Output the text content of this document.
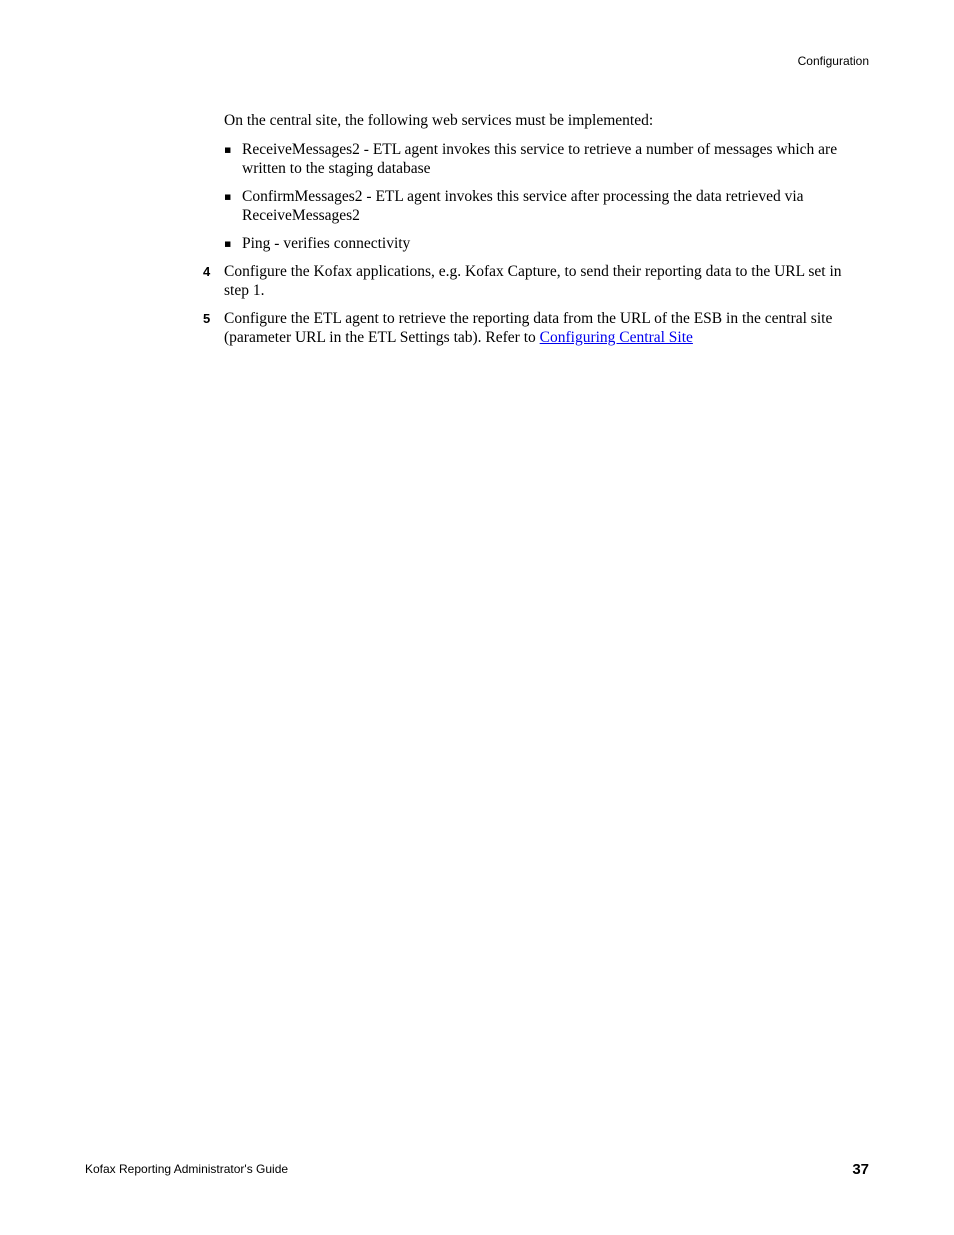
Configuration

On the central site, the following web services must be implemented:

▪ ReceiveMessages2 - ETL agent invokes this service to retrieve a number of messages which are written to the staging database
▪ ConfirmMessages2 - ETL agent invokes this service after processing the data retrieved via ReceiveMessages2
▪ Ping - verifies connectivity
4 Configure the Kofax applications, e.g. Kofax Capture, to send their reporting data to the URL set in step 1.
5 Configure the ETL agent to retrieve the reporting data from the URL of the ESB in the central site (parameter URL in the ETL Settings tab). Refer to Configuring Central Site
Kofax Reporting Administrator's Guide	37
